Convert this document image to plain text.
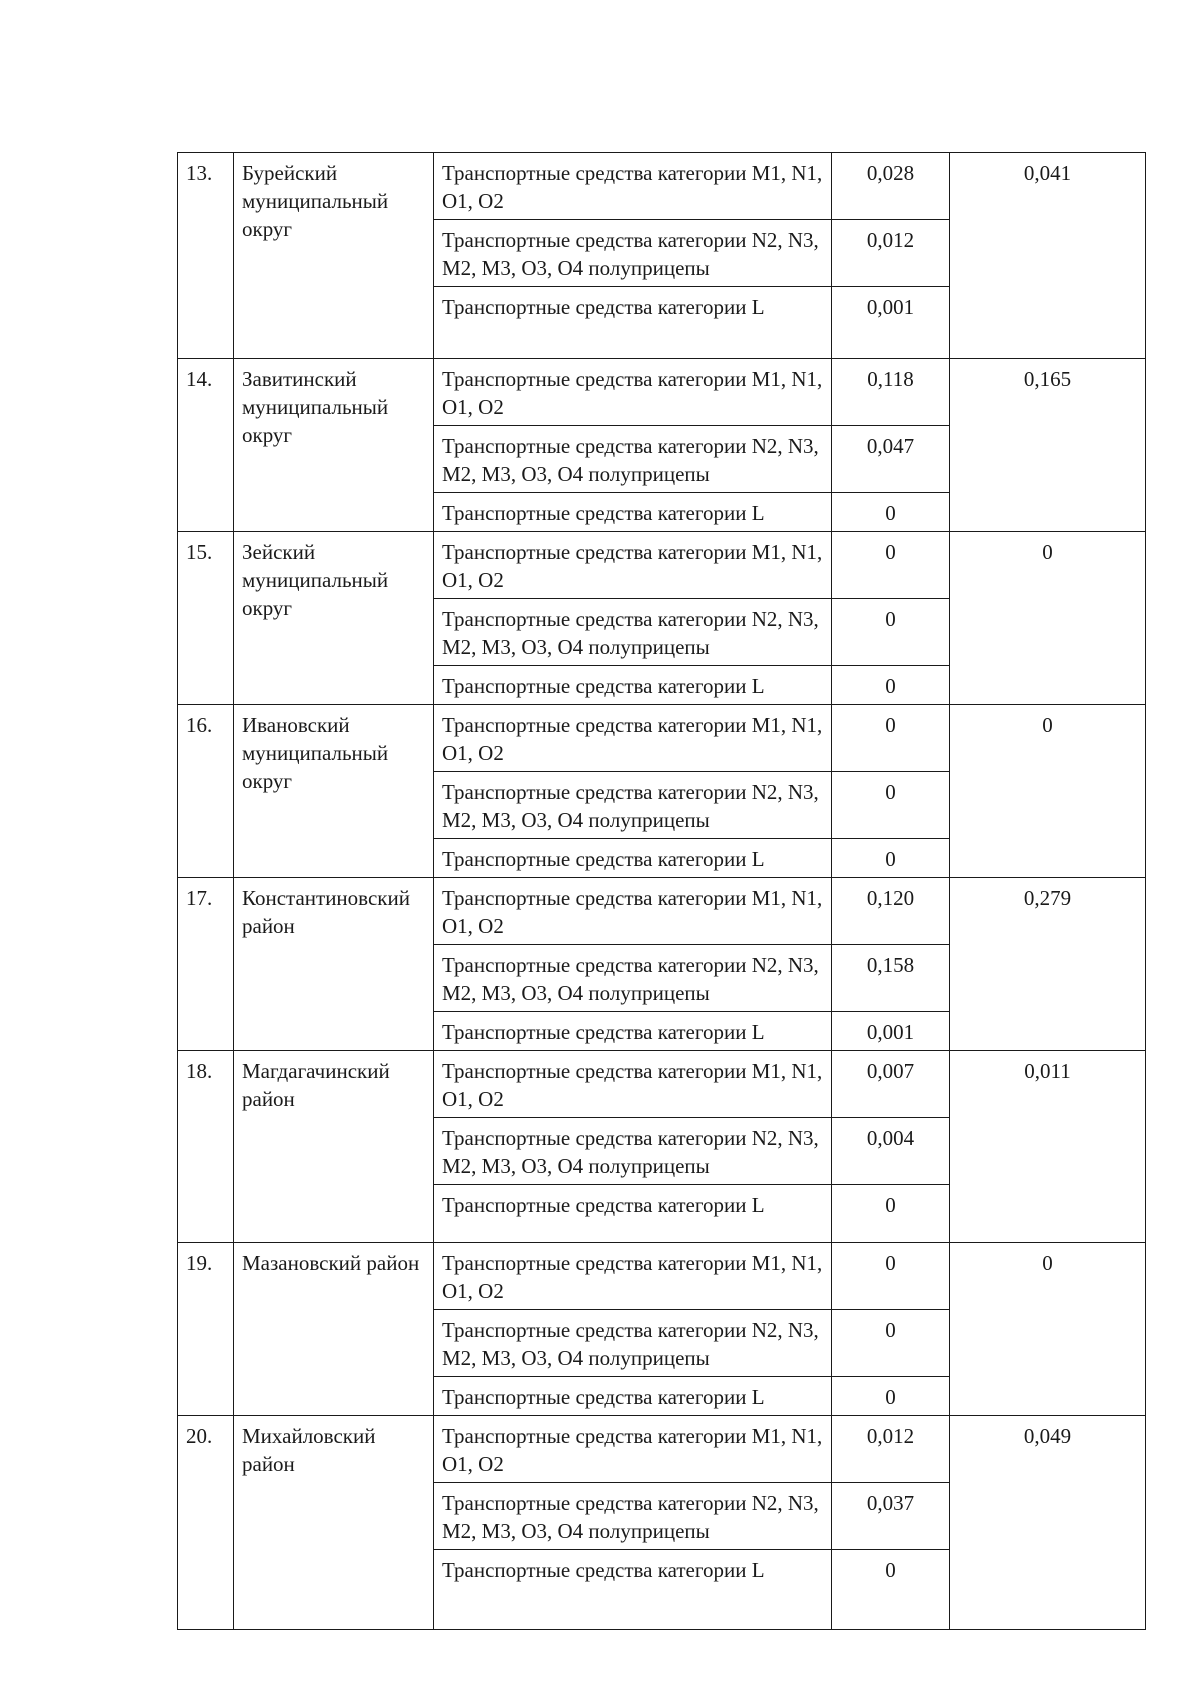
13.	Бурейский муниципальный округ	Транспортные средства категории M1, N1, O1, O2	0,028	0,041
		Транспортные средства категории N2, N3, M2, M3, O3, O4 полуприцепы	0,012	
		Транспортные средства категории L	0,001	
14.	Завитинский муниципальный округ	Транспортные средства категории M1, N1, O1, O2	0,118	0,165
		Транспортные средства категории N2, N3, M2, M3, O3, O4 полуприцепы	0,047	
		Транспортные средства категории L	0	
15.	Зейский муниципальный округ	Транспортные средства категории M1, N1, O1, O2	0	0
		Транспортные средства категории N2, N3, M2, M3, O3, O4 полуприцепы	0	
		Транспортные средства категории L	0	
16.	Ивановский муниципальный округ	Транспортные средства категории M1, N1, O1, O2	0	0
		Транспортные средства категории N2, N3, M2, M3, O3, O4 полуприцепы	0	
		Транспортные средства категории L	0	
17.	Константиновский район	Транспортные средства категории M1, N1, O1, O2	0,120	0,279
		Транспортные средства категории N2, N3, M2, M3, O3, O4 полуприцепы	0,158	
		Транспортные средства категории L	0,001	
18.	Магдагачинский район	Транспортные средства категории M1, N1, O1, O2	0,007	0,011
		Транспортные средства категории N2, N3, M2, M3, O3, O4 полуприцепы	0,004	
		Транспортные средства категории L	0	
19.	Мазановский район	Транспортные средства категории M1, N1, O1, O2	0	0
		Транспортные средства категории N2, N3, M2, M3, O3, O4 полуприцепы	0	
		Транспортные средства категории L	0	
20.	Михайловский район	Транспортные средства категории M1, N1, O1, O2	0,012	0,049
		Транспортные средства категории N2, N3, M2, M3, O3, O4 полуприцепы	0,037	
		Транспортные средства категории L	0	
